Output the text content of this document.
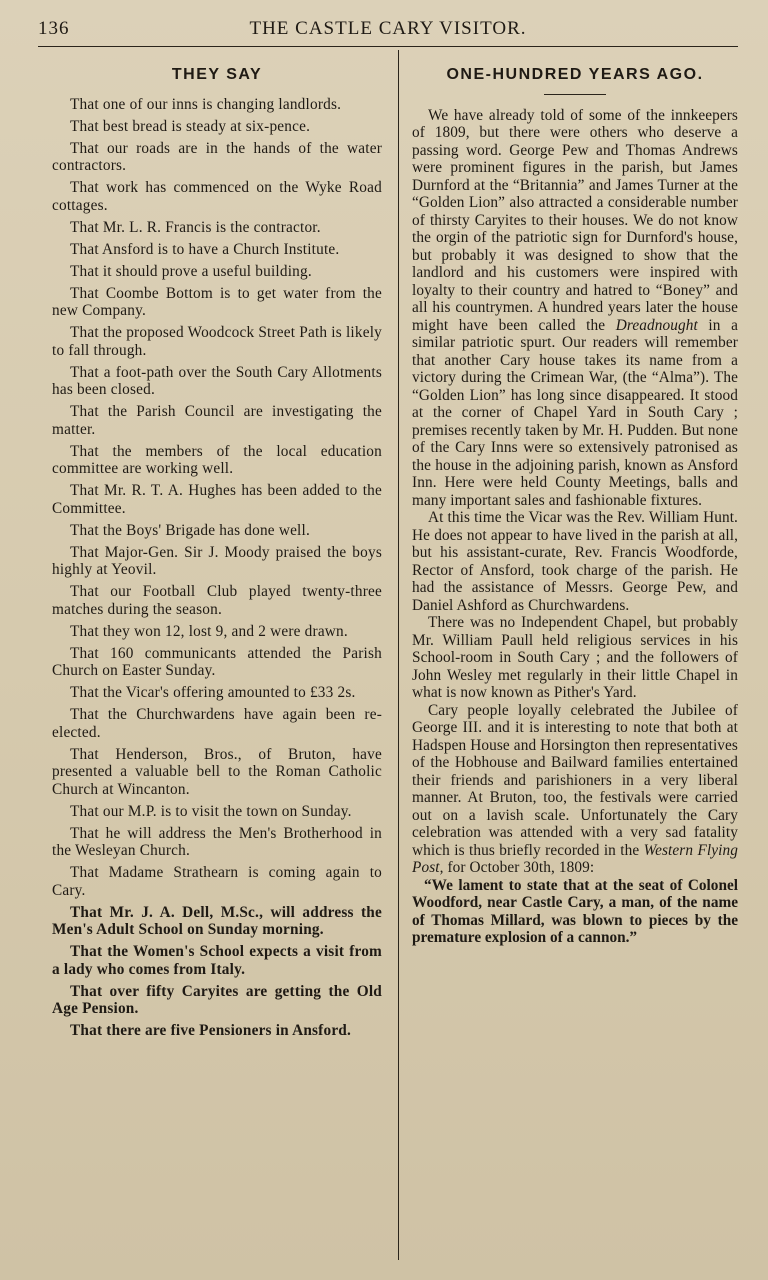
136	THE CASTLE CARY VISITOR.
THEY SAY

That one of our inns is changing landlords.

That best bread is steady at six-pence.

That our roads are in the hands of the water contractors.

That work has commenced on the Wyke Road cottages.

That Mr. L. R. Francis is the contractor.

That Ansford is to have a Church Institute.

That it should prove a useful building.

That Coombe Bottom is to get water from the new Company.

That the proposed Woodcock Street Path is likely to fall through.

That a foot-path over the South Cary Allotments has been closed.

That the Parish Council are investigating the matter.

That the members of the local education committee are working well.

That Mr. R. T. A. Hughes has been added to the Committee.

That the Boys' Brigade has done well.

That Major-Gen. Sir J. Moody praised the boys highly at Yeovil.

That our Football Club played twenty-three matches during the season.

That they won 12, lost 9, and 2 were drawn.

That 160 communicants attended the Parish Church on Easter Sunday.

That the Vicar's offering amounted to £33 2s.

That the Churchwardens have again been re-elected.

That Henderson, Bros., of Bruton, have presented a valuable bell to the Roman Catholic Church at Wincanton.

That our M.P. is to visit the town on Sunday.

That he will address the Men's Brotherhood in the Wesleyan Church.

That Madame Strathearn is coming again to Cary.

That Mr. J. A. Dell, M.Sc., will address the Men's Adult School on Sunday morning.

That the Women's School expects a visit from a lady who comes from Italy.

That over fifty Caryites are getting the Old Age Pension.

That there are five Pensioners in Ansford.

ONE-HUNDRED YEARS AGO.

We have already told of some of the innkeepers of 1809, but there were others who deserve a passing word. George Pew and Thomas Andrews were prominent figures in the parish, but James Durnford at the “Britannia” and James Turner at the “Golden Lion” also attracted a considerable number of thirsty Caryites to their houses. We do not know the orgin of the patriotic sign for Durnford's house, but probably it was designed to show that the landlord and his customers were inspired with loyalty to their country and hatred to “Boney” and all his countrymen. A hundred years later the house might have been called the Dreadnought in a similar patriotic spurt. Our readers will remember that another Cary house takes its name from a victory during the Crimean War, (the “Alma”). The “Golden Lion” has long since disappeared. It stood at the corner of Chapel Yard in South Cary ; premises recently taken by Mr. H. Pudden. But none of the Cary Inns were so extensively patronised as the house in the adjoining parish, known as Ansford Inn. Here were held County Meetings, balls and many important sales and fashionable fixtures.

At this time the Vicar was the Rev. William Hunt. He does not appear to have lived in the parish at all, but his assistant-curate, Rev. Francis Woodforde, Rector of Ansford, took charge of the parish. He had the assistance of Messrs. George Pew, and Daniel Ashford as Churchwardens.

There was no Independent Chapel, but probably Mr. William Paull held religious services in his School-room in South Cary ; and the followers of John Wesley met regularly in their little Chapel in what is now known as Pither's Yard.

Cary people loyally celebrated the Jubilee of George III. and it is interesting to note that both at Hadspen House and Horsington then representatives of the Hobhouse and Bailward families entertained their friends and parishioners in a very liberal manner. At Bruton, too, the festivals were carried out on a lavish scale. Unfortunately the Cary celebration was attended with a very sad fatality which is thus briefly recorded in the Western Flying Post, for October 30th, 1809:

“We lament to state that at the seat of Colonel Woodford, near Castle Cary, a man, of the name of Thomas Millard, was blown to pieces by the premature explosion of a cannon.”
